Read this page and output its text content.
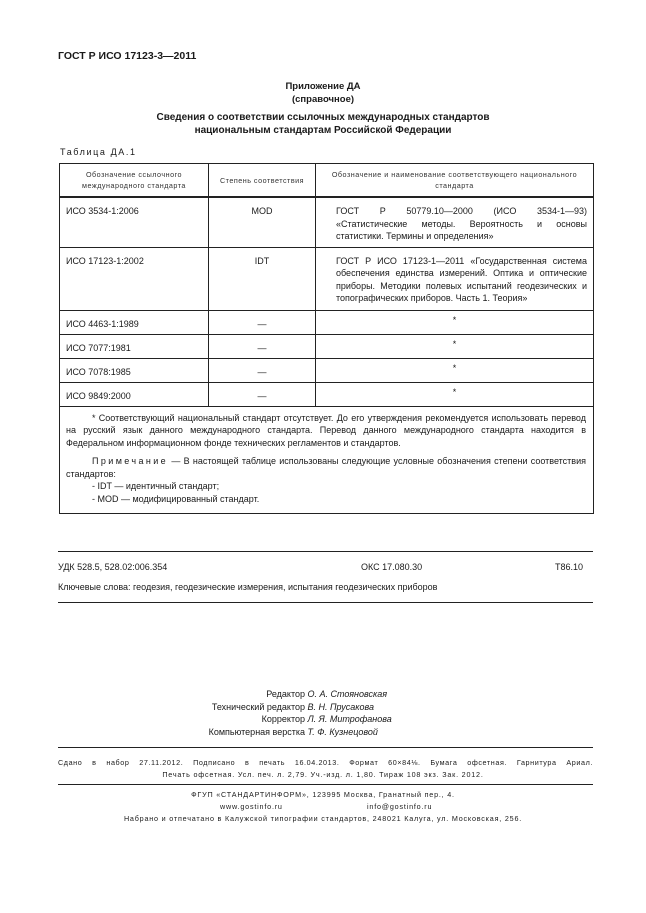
ГОСТ Р ИСО 17123-3—2011
Приложение ДА
(справочное)
Сведения о соответствии ссылочных международных стандартов
национальным стандартам Российской Федерации
Таблица ДА.1
Обозначение ссылочного международного стандарта	Степень соответствия	Обозначение и наименование соответствующего национального стандарта
ИСО 3534-1:2006	MOD	ГОСТ Р 50779.10—2000 (ИСО 3534-1—93) «Статистические методы. Вероятность и основы статистики. Термины и определения»
ИСО 17123-1:2002	IDT	ГОСТ Р ИСО 17123-1—2011 «Государственная система обеспечения единства измерений. Оптика и оптические приборы. Методики полевых испытаний геодезических и топографических приборов. Часть 1. Теория»
ИСО 4463-1:1989	—	*
ИСО 7077:1981	—	*
ИСО 7078:1985	—	*
ИСО 9849:2000	—	*

* Соответствующий национальный стандарт отсутствует. До его утверждения рекомендуется использовать перевод на русский язык данного международного стандарта. Перевод данного международного стандарта находится в Федеральном информационном фонде технических регламентов и стандартов.

Примечание — В настоящей таблице использованы следующие условные обозначения степени соответствия стандартов:

- IDT — идентичный стандарт;
- MOD — модифицированный стандарт.		
УДК 528.5, 528.02:006.354	ОКС 17.080.30	Т86.10
Ключевые слова: геодезия, геодезические измерения, испытания геодезических приборов
Редактор О. А. Стояновская
Технический редактор В. Н. Прусакова
Корректор Л. Я. Митрофанова
Компьютерная верстка Т. Ф. Кузнецовой
Сдано в набор 27.11.2012. Подписано в печать 16.04.2013. Формат 60×84⅛. Бумага офсетная. Гарнитура Ариал.
Печать офсетная. Усл. печ. л. 2,79. Уч.-изд. л. 1,80. Тираж 108 экз. Зак. 2012.
ФГУП «СТАНДАРТИНФОРМ», 123995 Москва, Гранатный пер., 4.
www.gostinfo.ru	info@gostinfo.ru
Набрано и отпечатано в Калужской типографии стандартов, 248021 Калуга, ул. Московская, 256.
